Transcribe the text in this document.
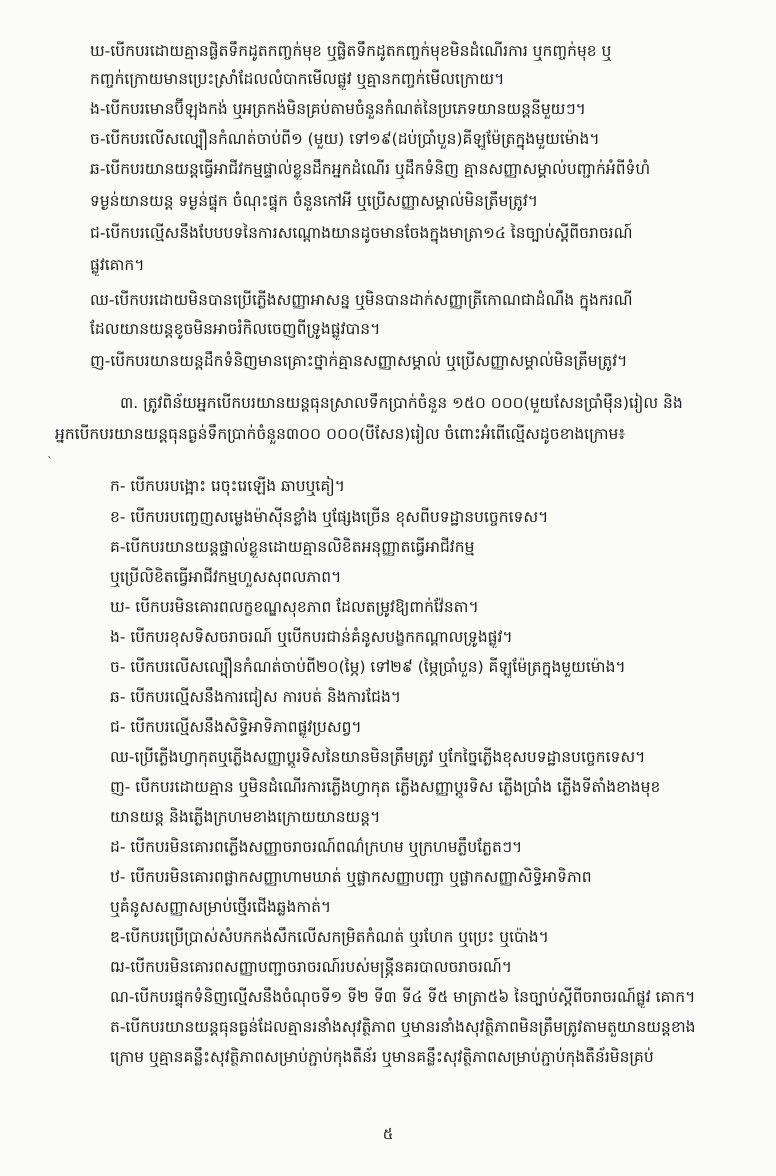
ឃ-បើកបរដោយគ្មានផ្លិតទឹកដូតកញ្ចក់មុខ ឬផ្លិតទឹកដូតកញ្ចក់មុខមិនដំណើរការ ឬកញ្ចក់មុខ ឬ
កញ្ចក់ក្រោយមានប្រេះស្រាំដែលលំបាកមើលផ្លូវ ឬគ្មានកញ្ចក់មើលក្រោយ។
ង-បើកបរមោនប៊ីឡុងកង់ ឬអត្រកង់មិនគ្រប់តាមចំនួនកំណត់នៃប្រភេទយានយន្តនីមួយៗ។
ច-បើកបរលើសល្បឿនកំណត់ចាប់ពី១ (មួយ) ទៅ១៩(ដប់ប្រាំបួន)គីឡូម៉ែត្រក្នុងមួយម៉ោង។
ឆ-បើកបរយានយន្តធ្វើអាជីវកម្មផ្ទាល់ខ្លួនដឹកអ្នកដំណើរ ឬដឹកទំនិញ គ្មានសញ្ញាសម្គាល់បញ្ជាក់អំពីទំហំ
ទម្ងន់យានយន្ត ទម្ងន់ផ្ទុក ចំណុះផ្ទុក ចំនួនកៅអី ឬប្រើសញ្ញាសម្គាល់មិនត្រឹមត្រូវ។
ជ-បើកបរល្មើសនឹងបែបបទនៃការសណ្តោងយានដូចមានចែងក្នុងមាត្រា១៤ នៃច្បាប់ស្តីពីចរាចរណ៍
ផ្លូវគោក។
ឈ-បើកបរដោយមិនបានប្រើភ្លើងសញ្ញាអាសន្ន ឬមិនបានដាក់សញ្ញាត្រីកោណជាដំណឹង ក្នុងករណី
ដែលយានយន្តខូចមិនអាចរំកិលចេញពីទ្រូងផ្លូវបាន។
ញ-បើកបរយានយន្តដឹកទំនិញមានគ្រោះថ្នាក់គ្មានសញ្ញាសម្គាល់ ឬប្រើសញ្ញាសម្គាល់មិនត្រឹមត្រូវ។
៣. ត្រូវពិន័យអ្នកបើកបរយានយន្តធុនស្រាលទឹកប្រាក់ចំនួន ១៥០ ០០០(មួយសែនប្រាំម៉ឺន)រៀល និង
អ្នកបើកបរយានយន្តធុនធ្ងន់ទឹកប្រាក់ចំនួន៣០០ ០០០(បីសែន)រៀល ចំពោះអំពើល្មើសដូចខាងក្រោម៖
`
ក- បើកបរបង្អោះ រេចុះរេឡើង ឆាបឬគៀ។
ខ- បើកបរបញ្ចេញសម្លេងម៉ាស៊ីនខ្លាំង ឬផ្សែងច្រើន ខុសពីបទដ្ឋានបច្ចេកទេស។
គ-បើកបរយានយន្តផ្ទាល់ខ្លួនដោយគ្មានលិខិតអនុញ្ញាតធ្វើអាជីវកម្ម
ឬប្រើលិខិតធ្វើអាជីវកម្មហួសសុពលភាព។
ឃ- បើកបរមិនគោរពលក្ខខណ្ឌសុខភាព ដែលតម្រូវឱ្យពាក់វ៉ែនតា។
ង- បើកបរខុសទិសចរាចរណ៍ ឬបើកបរជាន់គំនូសបង្ខកកណ្តាលទ្រូងផ្លូវ។
ច- បើកបរលើសល្បឿនកំណត់ចាប់ពី២០(ម្ភៃ) ទៅ២៩ (ម្ភៃប្រាំបួន) គីឡូម៉ែត្រក្នុងមួយម៉ោង។
ឆ- បើកបរល្មើសនឹងការជៀស ការបត់ និងការជែង។
ជ- បើកបរល្មើសនឹងសិទ្ធិអាទិភាពផ្លូវប្រសព្វ។
ឈ-ប្រើភ្លើងហ្វាកុតឬភ្លើងសញ្ញាប្តូរទិសនៃយានមិនត្រឹមត្រូវ ឬកែច្នៃភ្លើងខុសបទដ្ឋានបច្ចេកទេស។
ញ- បើកបរដោយគ្មាន ឬមិនដំណើរការភ្លើងហ្វាកុត ភ្លើងសញ្ញាប្តូរទិស ភ្លើងប្រាំង ភ្លើងទីតាំងខាងមុខ
យានយន្ត និងភ្លើងក្រហមខាងក្រោយយានយន្ត។
ដ- បើកបរមិនគោរពភ្លើងសញ្ញាចរាចរណ៍ពណ៌ក្រហម ឬក្រហមភ្លឹបភ្លែតៗ។
ឋ- បើកបរមិនគោរពផ្លាកសញ្ញាហាមឃាត់ ឬផ្លាកសញ្ញាបញ្ជា ឬផ្លាកសញ្ញាសិទ្ធិអាទិភាព
ឬគំនូសសញ្ញាសម្រាប់ថ្មើរជើងឆ្លងកាត់។
ឌ-បើកបរប្រើប្រាស់សំបកកង់សឹកលើសកម្រិតកំណត់ ឬរហែក ឬប្រេះ ឬប៉ោង។
ឍ-បើកបរមិនគោរពសញ្ញាបញ្ជាចរាចរណ៍របស់មន្ត្រីនគរបាលចរាចរណ៍។
ណ-បើកបរផ្ទុកទំនិញល្មើសនឹងចំណុចទី១ ទី២ ទី៣ ទី៤ ទី៥ មាត្រា៥៦ នៃច្បាប់ស្តីពីចរាចរណ៍ផ្លូវ គោក។
ត-បើកបរយានយន្តធុនធ្ងន់ដែលគ្មានរនាំងសុវត្ថិភាព ឬមានរនាំងសុវត្ថិភាពមិនត្រឹមត្រូវតាមតួយានយន្តខាង
ក្រោម ឬគ្មានគន្លឹះសុវត្ថិភាពសម្រាប់ភ្ជាប់កុងតឺន័រ ឬមានគន្លឹះសុវត្ថិភាពសម្រាប់ភ្ជាប់កុងតឺន័រមិនគ្រប់
៥
